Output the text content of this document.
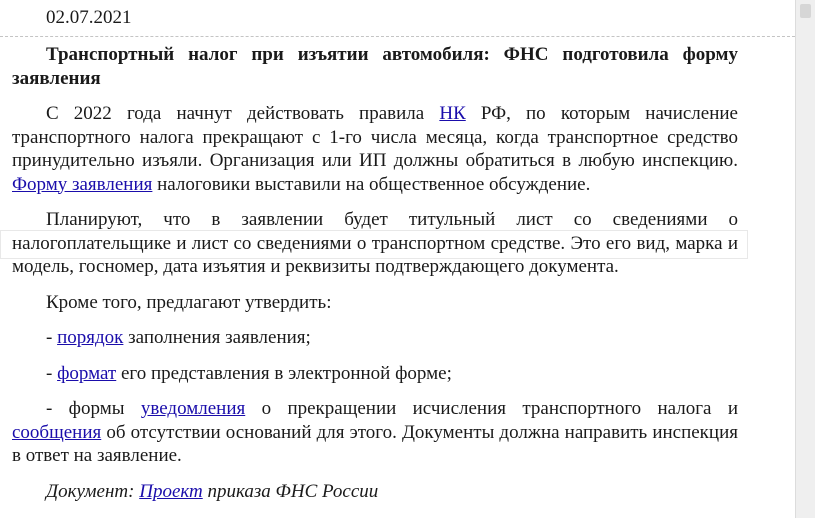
02.07.2021

Транспортный налог при изъятии автомобиля: ФНС подготовила форму заявления

С 2022 года начнут действовать правила НК РФ, по которым начисление транспортного налога прекращают с 1-го числа месяца, когда транспортное средство принудительно изъяли. Организация или ИП должны обратиться в любую инспекцию. Форму заявления налоговики выставили на общественное обсуждение.

Планируют, что в заявлении будет титульный лист со сведениями о налогоплательщике и лист со сведениями о транспортном средстве. Это его вид, марка и модель, госномер, дата изъятия и реквизиты подтверждающего документа.

Кроме того, предлагают утвердить:

- порядок заполнения заявления;

- формат его представления в электронной форме;

- формы уведомления о прекращении исчисления транспортного налога и сообщения об отсутствии оснований для этого. Документы должна направить инспекция в ответ на заявление.

Документ: Проект приказа ФНС России
